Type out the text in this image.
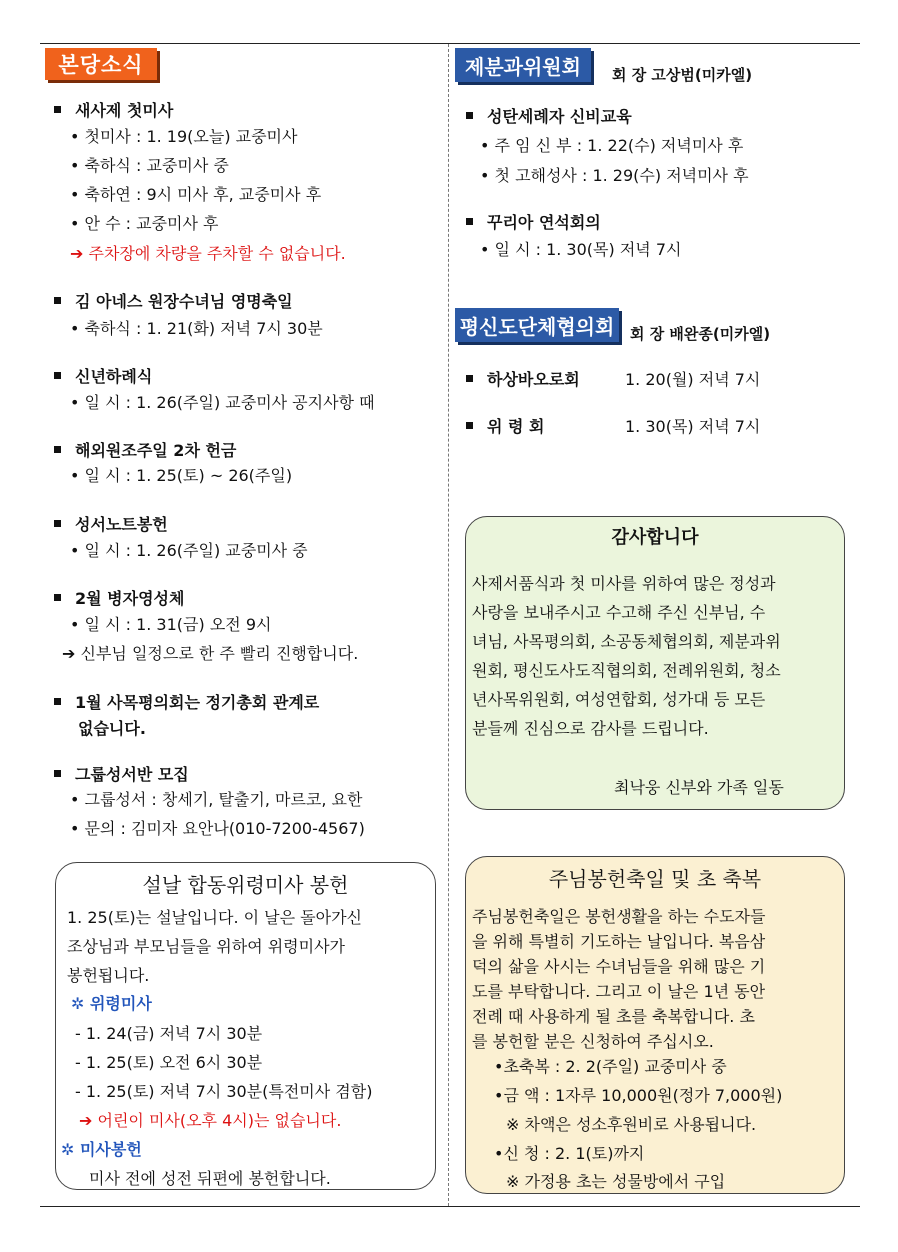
본당소식
새사제 첫미사
• 첫미사 : 1. 19(오늘) 교중미사
• 축하식 : 교중미사 중
• 축하연 : 9시 미사 후, 교중미사 후
• 안 수 : 교중미사 후
➔ 주차장에 차량을 주차할 수 없습니다.
김 아네스 원장수녀님 영명축일
• 축하식 : 1. 21(화) 저녁 7시 30분
신년하례식
• 일 시 : 1. 26(주일) 교중미사 공지사항 때
해외원조주일 2차 헌금
• 일 시 : 1. 25(토) ~ 26(주일)
성서노트봉헌
• 일 시 : 1. 26(주일) 교중미사 중
2월 병자영성체
• 일 시 : 1. 31(금) 오전 9시
➔ 신부님 일정으로 한 주 빨리 진행합니다.
1월 사목평의회는 정기총회 관계로
없습니다.
그룹성서반 모집
• 그룹성서 : 창세기, 탈출기, 마르코, 요한
• 문의 : 김미자 요안나(010-7200-4567)
설날 합동위령미사 봉헌
1. 25(토)는 설날입니다. 이 날은 돌아가신
조상님과 부모님들을 위하여 위령미사가
봉헌됩니다.
✲ 위령미사
- 1. 24(금) 저녁 7시 30분
- 1. 25(토) 오전 6시 30분
- 1. 25(토) 저녁 7시 30분(특전미사 겸함)
➔ 어린이 미사(오후 4시)는 없습니다.
✲ 미사봉헌
미사 전에 성전 뒤편에 봉헌합니다.
제분과위원회	회 장 고상범(미카엘)
성탄세례자 신비교육
• 주 임 신 부 : 1. 22(수) 저녁미사 후
• 첫 고해성사 : 1. 29(수) 저녁미사 후
꾸리아 연석회의
• 일 시 : 1. 30(목) 저녁 7시
평신도단체협의회	회 장 배완종(미카엘)
하상바오로회	1. 20(월) 저녁 7시
위 령 회	1. 30(목) 저녁 7시
감사합니다
사제서품식과 첫 미사를 위하여 많은 정성과
사랑을 보내주시고 수고해 주신 신부님, 수
녀님, 사목평의회, 소공동체협의회, 제분과위
원회, 평신도사도직협의회, 전례위원회, 청소
년사목위원회, 여성연합회, 성가대 등 모든
분들께 진심으로 감사를 드립니다.
최낙웅 신부와 가족 일동
주님봉헌축일 및 초 축복
주님봉헌축일은 봉헌생활을 하는 수도자들
을 위해 특별히 기도하는 날입니다. 복음삼
덕의 삶을 사시는 수녀님들을 위해 많은 기
도를 부탁합니다. 그리고 이 날은 1년 동안
전례 때 사용하게 될 초를 축복합니다. 초
를 봉헌할 분은 신청하여 주십시오.
•초축복 : 2. 2(주일) 교중미사 중
•금 액 : 1자루 10,000원(정가 7,000원)
※ 차액은 성소후원비로 사용됩니다.
•신 청 : 2. 1(토)까지
※ 가정용 초는 성물방에서 구입
